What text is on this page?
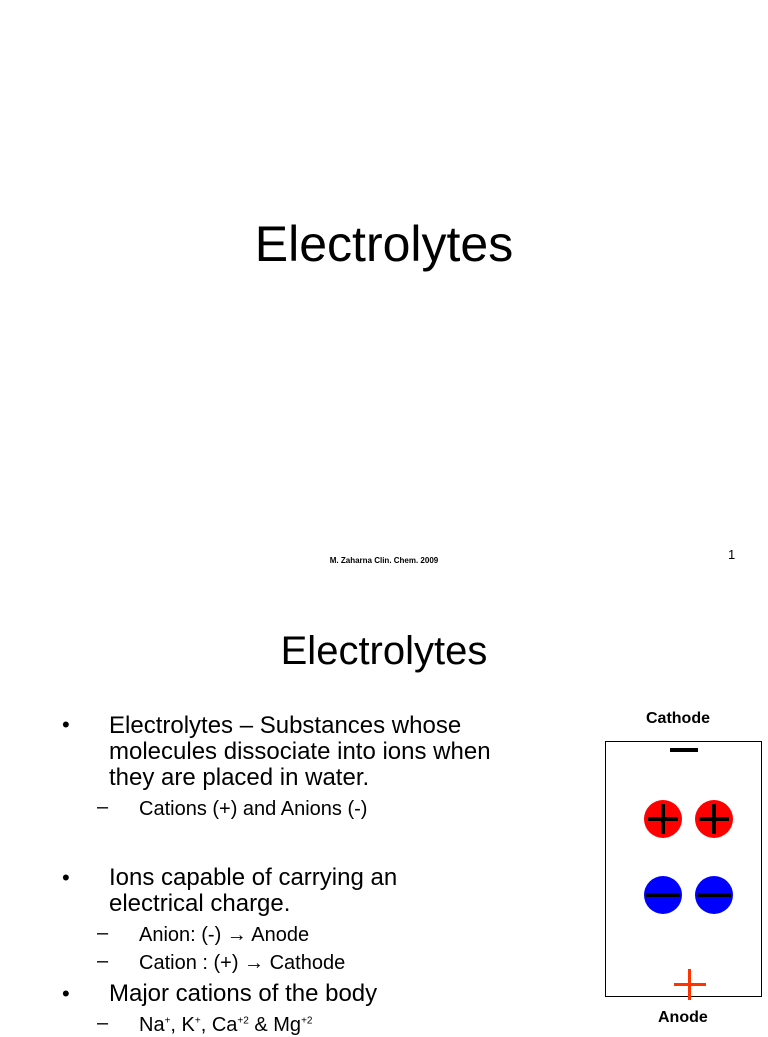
Electrolytes
M. Zaharna Clin. Chem. 2009	1
Electrolytes
• Electrolytes – Substances whose
molecules dissociate into ions when
they are placed in water.
– Cations (+) and Anions (-)
• Ions capable of carrying an
electrical charge.
– Anion: (-) → Anode
– Cation : (+) → Cathode
• Major cations of the body
– Na+, K+, $Ca^{+2}$ & $Mg^{+2}$
Cathode
Anode
